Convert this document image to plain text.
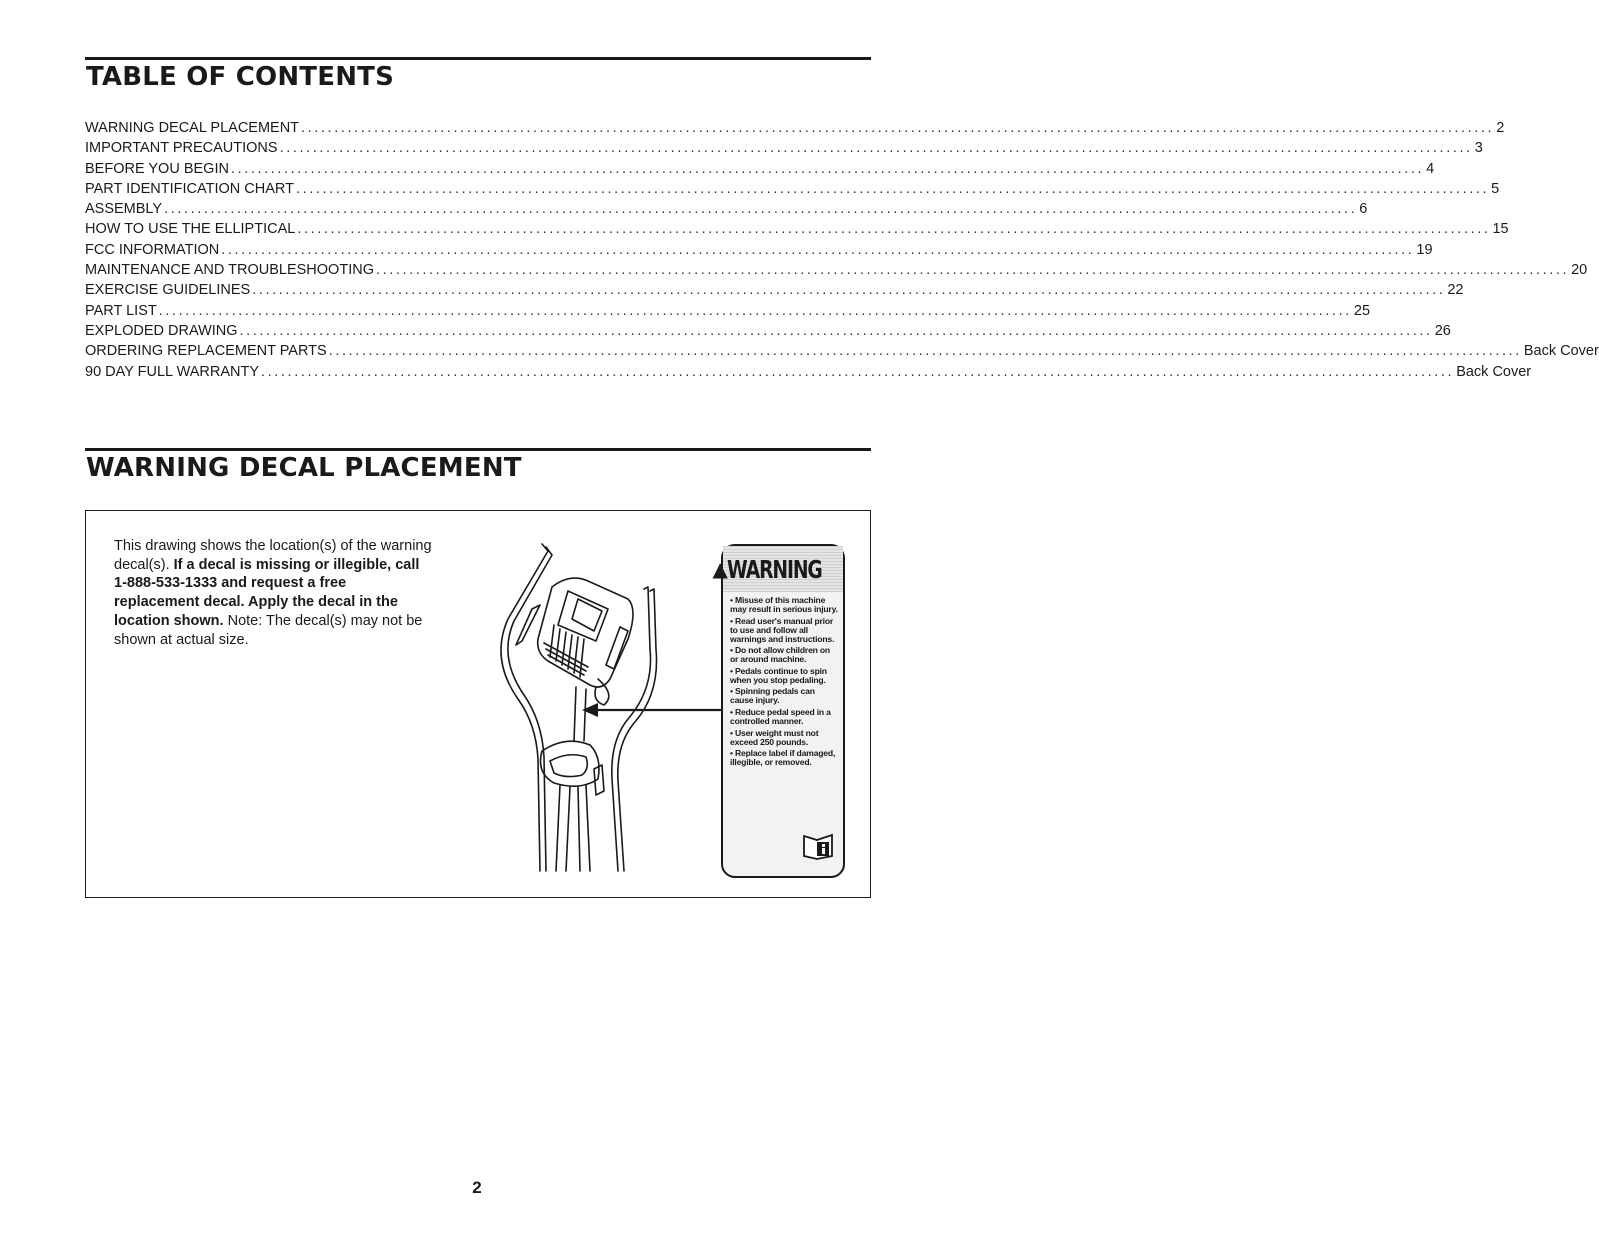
TABLE OF CONTENTS
WARNING DECAL PLACEMENT .....	2
IMPORTANT PRECAUTIONS .....	3
BEFORE YOU BEGIN .....	4
PART IDENTIFICATION CHART .....	5
ASSEMBLY .....	6
HOW TO USE THE ELLIPTICAL .....	15
FCC INFORMATION .....	19
MAINTENANCE AND TROUBLESHOOTING .....	20
EXERCISE GUIDELINES .....	22
PART LIST .....	25
EXPLODED DRAWING .....	26
ORDERING REPLACEMENT PARTS .....	Back Cover
90 DAY FULL WARRANTY .....	Back Cover
WARNING DECAL PLACEMENT
This drawing shows the location(s) of the warning decal(s). If a decal is missing or illegible, call 1-888-533-1333 and request a free replacement decal. Apply the decal in the location shown. Note: The decal(s) may not be shown at actual size.
▲ WARNING
• Misuse of this machine may result in serious injury.
• Read user's manual prior to use and follow all warnings and instructions.
• Do not allow children on or around machine.
• Pedals continue to spin when you stop pedaling.
• Spinning pedals can cause injury.
• Reduce pedal speed in a controlled manner.
• User weight must not exceed 250 pounds.
• Replace label if damaged, illegible, or removed.
2
